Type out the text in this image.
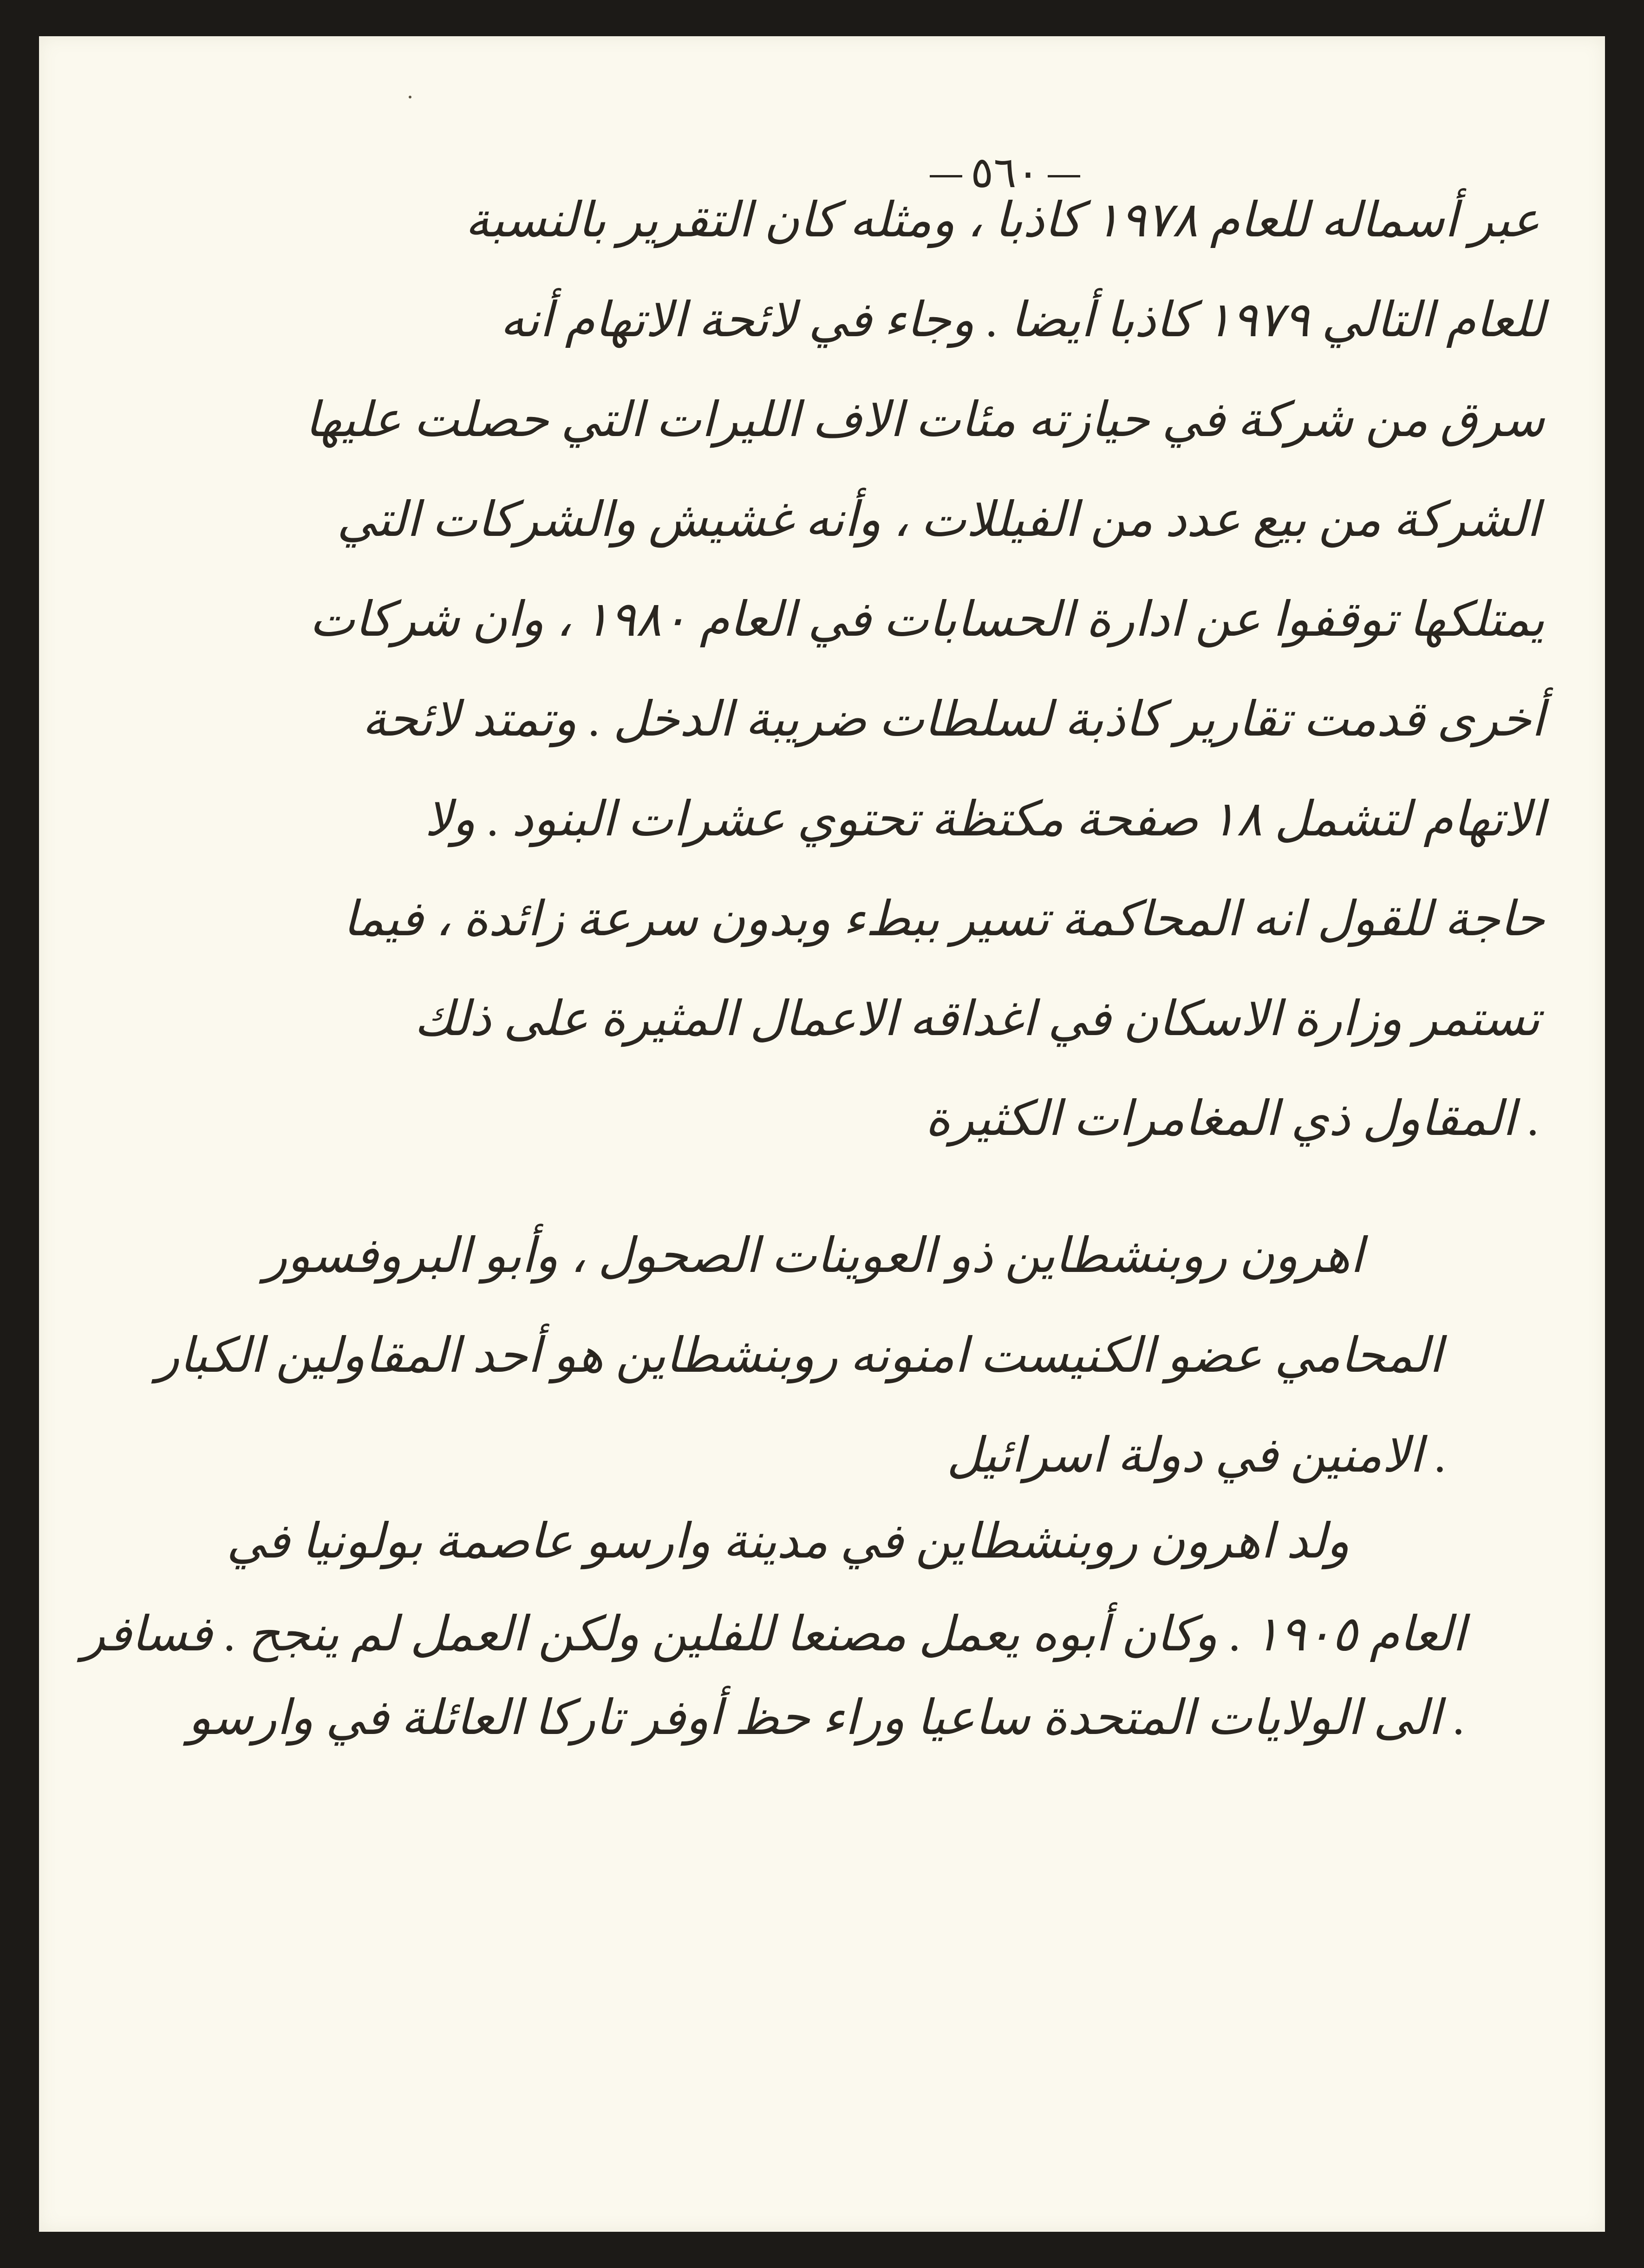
٥٦٠
عبر أسماله للعام ١٩٧٨ كاذبا ، ومثله كان التقرير بالنسبة
للعام التالي ١٩٧٩ كاذبا أيضا . وجاء في لائحة الاتهام أنه
سرق من شركة في حيازته مئات الاف الليرات التي حصلت عليها
الشركة من بيع عدد من الفيللات ، وأنه غشيش والشركات التي
يمتلكها توقفوا عن ادارة الحسابات في العام ١٩٨٠ ، وان شركات
أخرى قدمت تقارير كاذبة لسلطات ضريبة الدخل . وتمتد لائحة
الاتهام لتشمل ١٨ صفحة مكتظة تحتوي عشرات البنود . ولا
حاجة للقول انه المحاكمة تسير ببطء وبدون سرعة زائدة ، فيما
تستمر وزارة الاسكان في اغداقه الاعمال المثيرة على ذلك
المقاول ذي المغامرات الكثيرة .
اهرون روبنشطاين ذو العوينات الصحول ، وأبو البروفسور
المحامي عضو الكنيست امنونه روبنشطاين هو أحد المقاولين الكبار
الامنين في دولة اسرائيل .
ولد اهرون روبنشطاين في مدينة وارسو عاصمة بولونيا في
العام ١٩٠٥ . وكان أبوه يعمل مصنعا للفلين ولكن العمل لم ينجح . فسافر
الى الولايات المتحدة ساعيا وراء حظ أوفر تاركا العائلة في وارسو .
